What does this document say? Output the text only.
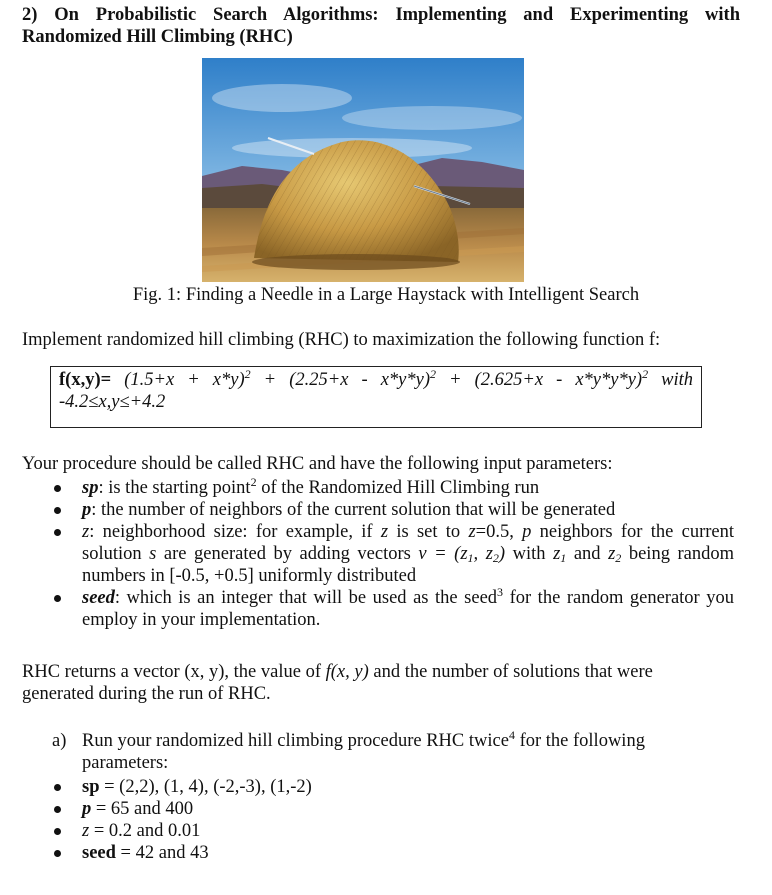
2) On Probabilistic Search Algorithms: Implementing and Experimenting with Randomized Hill Climbing (RHC)
Fig. 1: Finding a Needle in a Large Haystack with Intelligent Search
Implement randomized hill climbing (RHC) to maximization the following function f:
$f(x,y)= (1.5+x + x*y)^2 + (2.25+x - x*y*y)^2 + (2.625+x - x*y*y*y)^2$ with -4.2≤x,y≤+4.2
Your procedure should be called RHC and have the following input parameters:
sp: is the starting point$^2$ of the Randomized Hill Climbing run
p: the number of neighbors of the current solution that will be generated
z: neighborhood size: for example, if z is set to z=0.5, p neighbors for the current solution s are generated by adding vectors $v = (z_1$, $z_2$) with $z_1$ and $z_2$ being random numbers in [-0.5, +0.5] uniformly distributed
seed: which is an integer that will be used as the seed$^3$ for the random generator you employ in your implementation.
RHC returns a vector (x, y), the value of f(x, y) and the number of solutions that were generated during the run of RHC.
a) Run your randomized hill climbing procedure RHC twice$^4$ for the following parameters:
sp = (2,2), (1, 4), (-2,-3), (1,-2)
p = 65 and 400
z = 0.2 and 0.01
seed = 42 and 43
